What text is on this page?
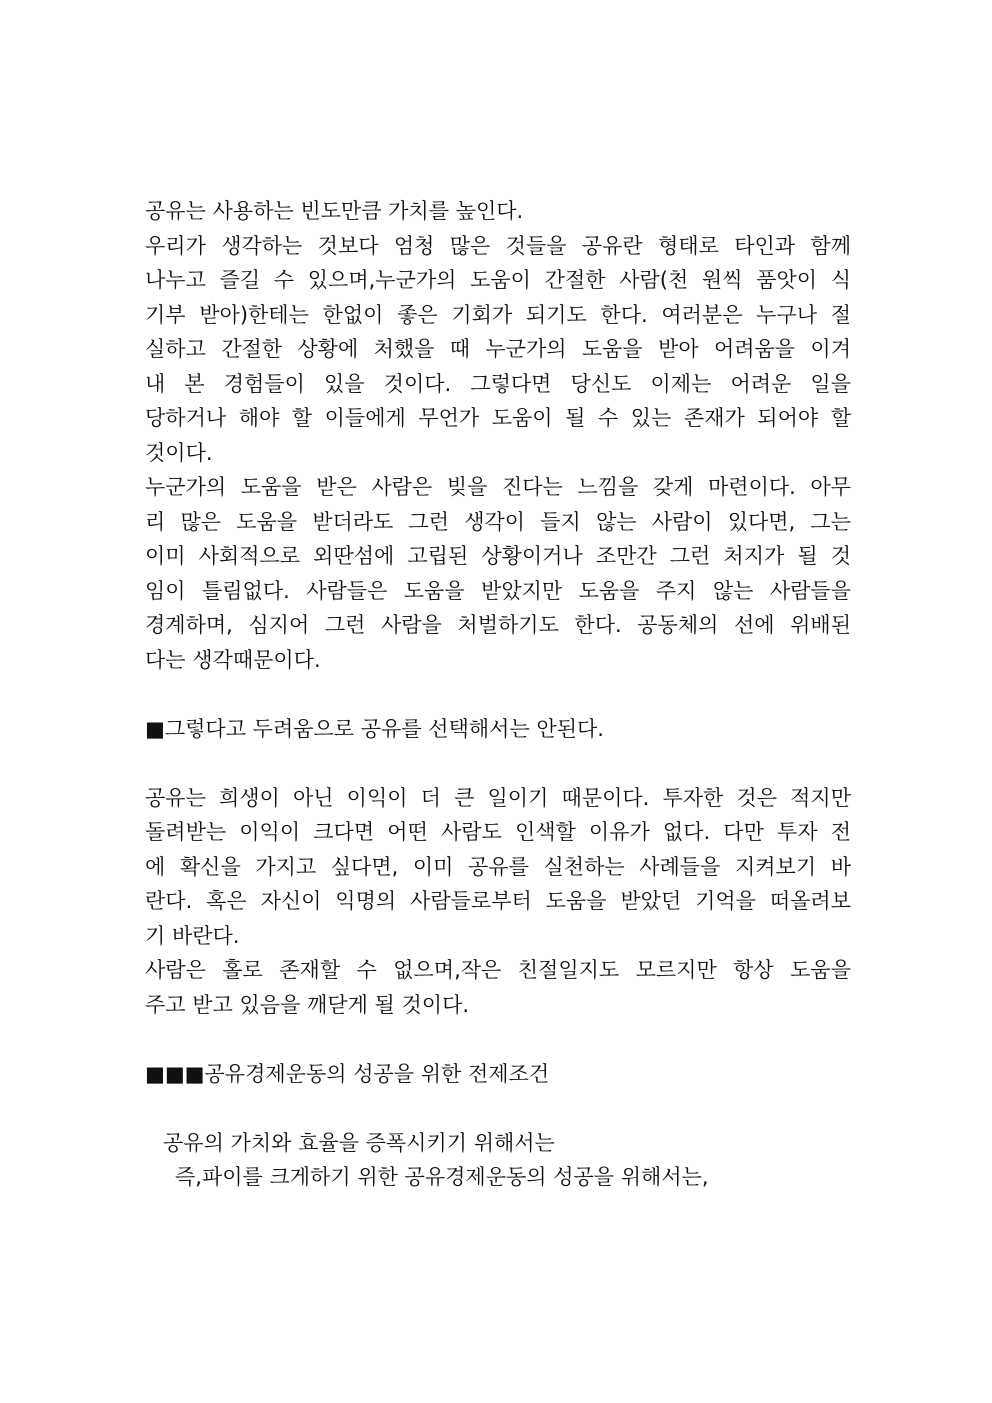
공유는 사용하는 빈도만큼 가치를 높인다.
우리가 생각하는 것보다 엄청 많은 것들을 공유란 형태로 타인과 함께
나누고 즐길 수 있으며,누군가의 도움이 간절한 사람(천 원씩 품앗이 식
기부 받아)한테는 한없이 좋은 기회가 되기도 한다. 여러분은 누구나 절
실하고 간절한 상황에 처했을 때 누군가의 도움을 받아 어려움을 이겨
내 본 경험들이 있을 것이다. 그렇다면 당신도 이제는 어려운 일을
당하거나 해야 할 이들에게 무언가 도움이 될 수 있는 존재가 되어야 할
것이다.
누군가의 도움을 받은 사람은 빚을 진다는 느낌을 갖게 마련이다. 아무
리 많은 도움을 받더라도 그런 생각이 들지 않는 사람이 있다면, 그는
이미 사회적으로 외딴섬에 고립된 상황이거나 조만간 그런 처지가 될 것
임이 틀림없다. 사람들은 도움을 받았지만 도움을 주지 않는 사람들을
경계하며, 심지어 그런 사람을 처벌하기도 한다. 공동체의 선에 위배된
다는 생각때문이다.
■그렇다고 두려움으로 공유를 선택해서는 안된다.
공유는 희생이 아닌 이익이 더 큰 일이기 때문이다. 투자한 것은 적지만
돌려받는 이익이 크다면 어떤 사람도 인색할 이유가 없다. 다만 투자 전
에 확신을 가지고 싶다면, 이미 공유를 실천하는 사례들을 지켜보기 바
란다. 혹은 자신이 익명의 사람들로부터 도움을 받았던 기억을 떠올려보
기 바란다.
사람은 홀로 존재할 수 없으며,작은 친절일지도 모르지만 항상 도움을
주고 받고 있음을 깨닫게 될 것이다.
■■■공유경제운동의 성공을 위한 전제조건
공유의 가치와 효율을 증폭시키기 위해서는
즉,파이를 크게하기 위한 공유경제운동의 성공을 위해서는,
